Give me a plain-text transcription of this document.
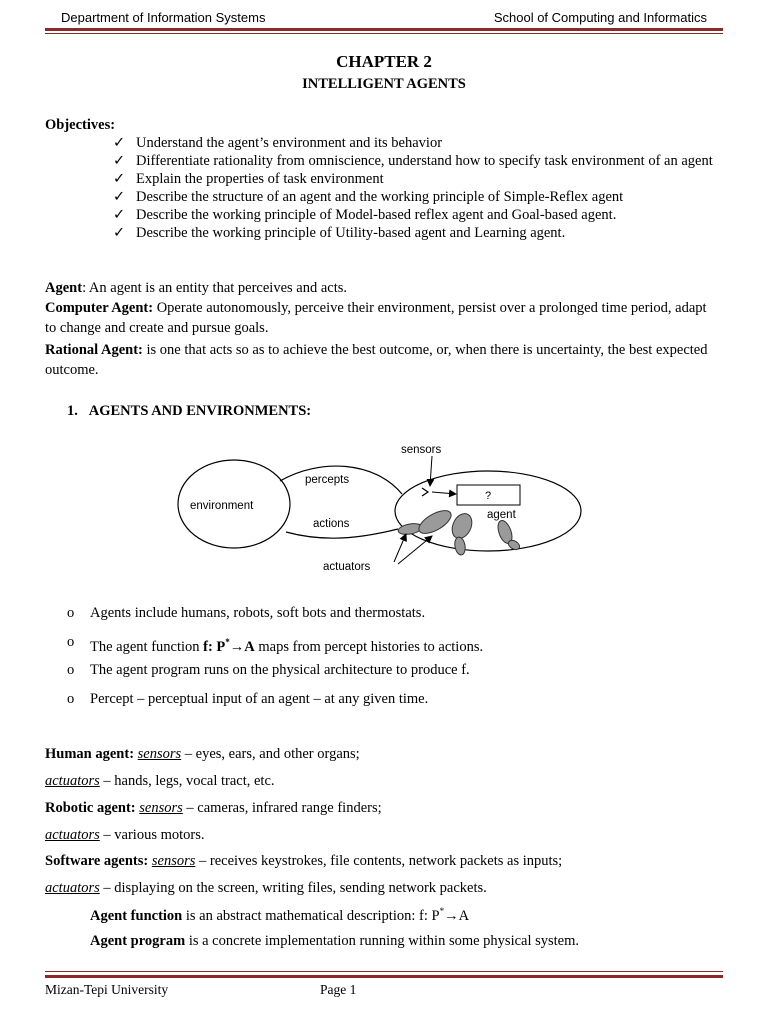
Department of Information Systems	School of Computing and Informatics
CHAPTER 2
INTELLIGENT AGENTS
Objectives:
✓ Understand the agent’s environment and its behavior
✓ Differentiate rationality from omniscience, understand how to specify task environment of an agent
✓ Explain the properties of task environment
✓ Describe the structure of an agent and the working principle of Simple-Reflex agent
✓ Describe the working principle of Model-based reflex agent and Goal-based agent.
✓ Describe the working principle of Utility-based agent and Learning agent.
Agent: An agent is an entity that perceives and acts.
Computer Agent: Operate autonomously, perceive their environment, persist over a prolonged time period, adapt to change and create and pursue goals.
Rational Agent: is one that acts so as to achieve the best outcome, or, when there is uncertainty, the best expected outcome.
1. AGENTS AND ENVIRONMENTS:
?
sensors
percepts
environment
actions
agent
actuators
o Agents include humans, robots, soft bots and thermostats.
o The agent function f: P*→A maps from percept histories to actions.
o The agent program runs on the physical architecture to produce f.
o Percept – perceptual input of an agent – at any given time.
Human agent: sensors – eyes, ears, and other organs;
actuators – hands, legs, vocal tract, etc.
Robotic agent: sensors – cameras, infrared range finders;
actuators – various motors.
Software agents: sensors – receives keystrokes, file contents, network packets as inputs;
actuators – displaying on the screen, writing files, sending network packets.
Agent function is an abstract mathematical description: f: P*→A
Agent program is a concrete implementation running within some physical system.
Mizan-Tepi University	Page 1
